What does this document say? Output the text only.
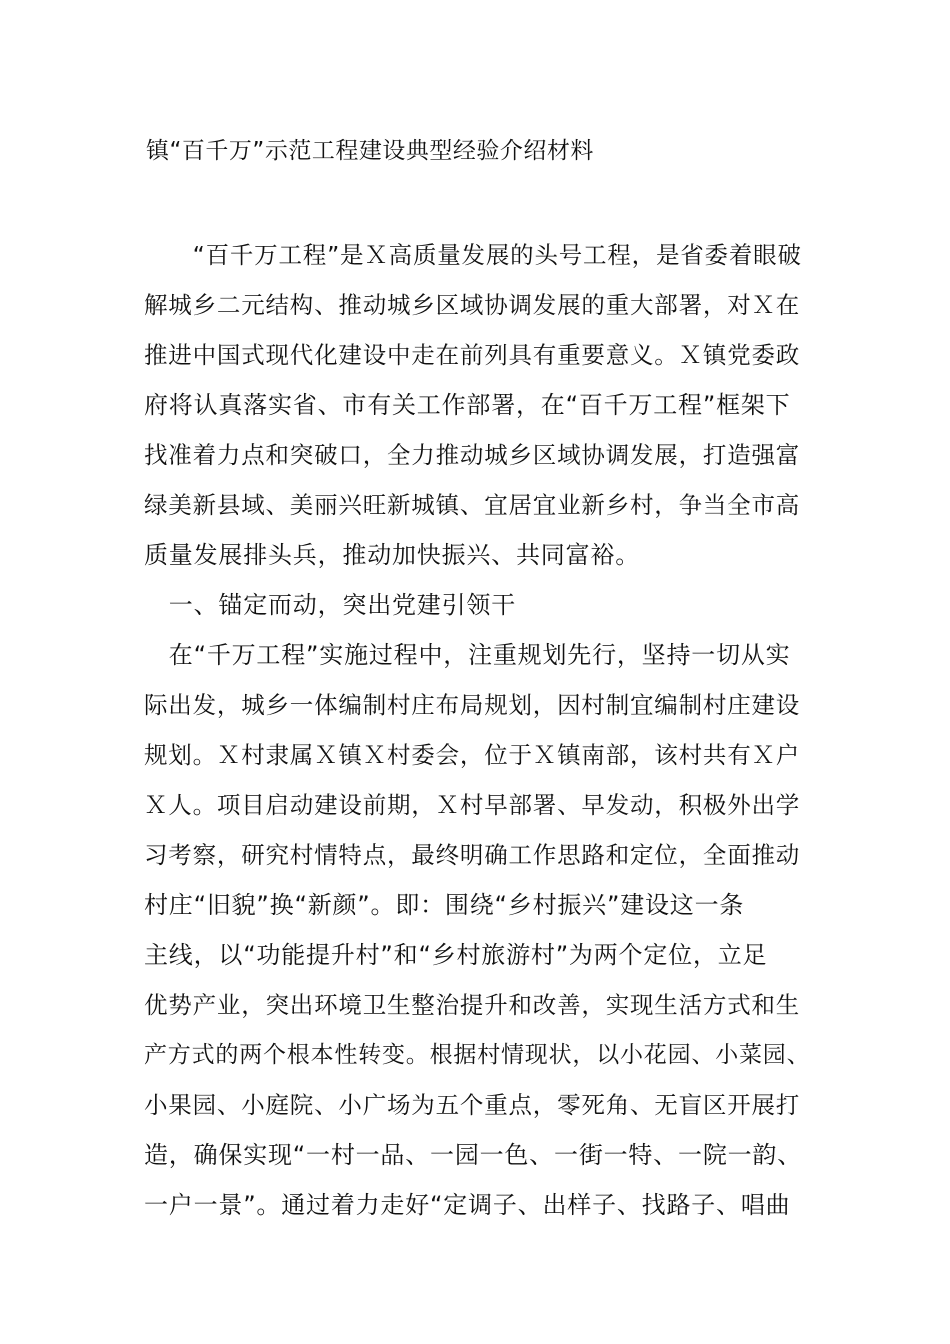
镇“百千万”示范工程建设典型经验介绍材料
　　“百千万工程”是Ｘ高质量发展的头号工程，是省委着眼破
解城乡二元结构、推动城乡区域协调发展的重大部署，对Ｘ在
推进中国式现代化建设中走在前列具有重要意义。Ｘ镇党委政
府将认真落实省、市有关工作部署，在“百千万工程”框架下
找准着力点和突破口，全力推动城乡区域协调发展，打造强富
绿美新县域、美丽兴旺新城镇、宜居宜业新乡村，争当全市高
质量发展排头兵，推动加快振兴、共同富裕。
　一、锚定而动，突出党建引领干
　在“千万工程”实施过程中，注重规划先行，坚持一切从实
际出发，城乡一体编制村庄布局规划，因村制宜编制村庄建设
规划。Ｘ村隶属Ｘ镇Ｘ村委会，位于Ｘ镇南部，该村共有Ｘ户
Ｘ人。项目启动建设前期，Ｘ村早部署、早发动，积极外出学
习考察，研究村情特点，最终明确工作思路和定位，全面推动
村庄“旧貌”换“新颜”。即：围绕“乡村振兴”建设这一条
主线，以“功能提升村”和“乡村旅游村”为两个定位，立足
优势产业，突出环境卫生整治提升和改善，实现生活方式和生
产方式的两个根本性转变。根据村情现状，以小花园、小菜园、
小果园、小庭院、小广场为五个重点，零死角、无盲区开展打
造，确保实现“一村一品、一园一色、一街一特、一院一韵、
一户一景”。通过着力走好“定调子、出样子、找路子、唱曲
